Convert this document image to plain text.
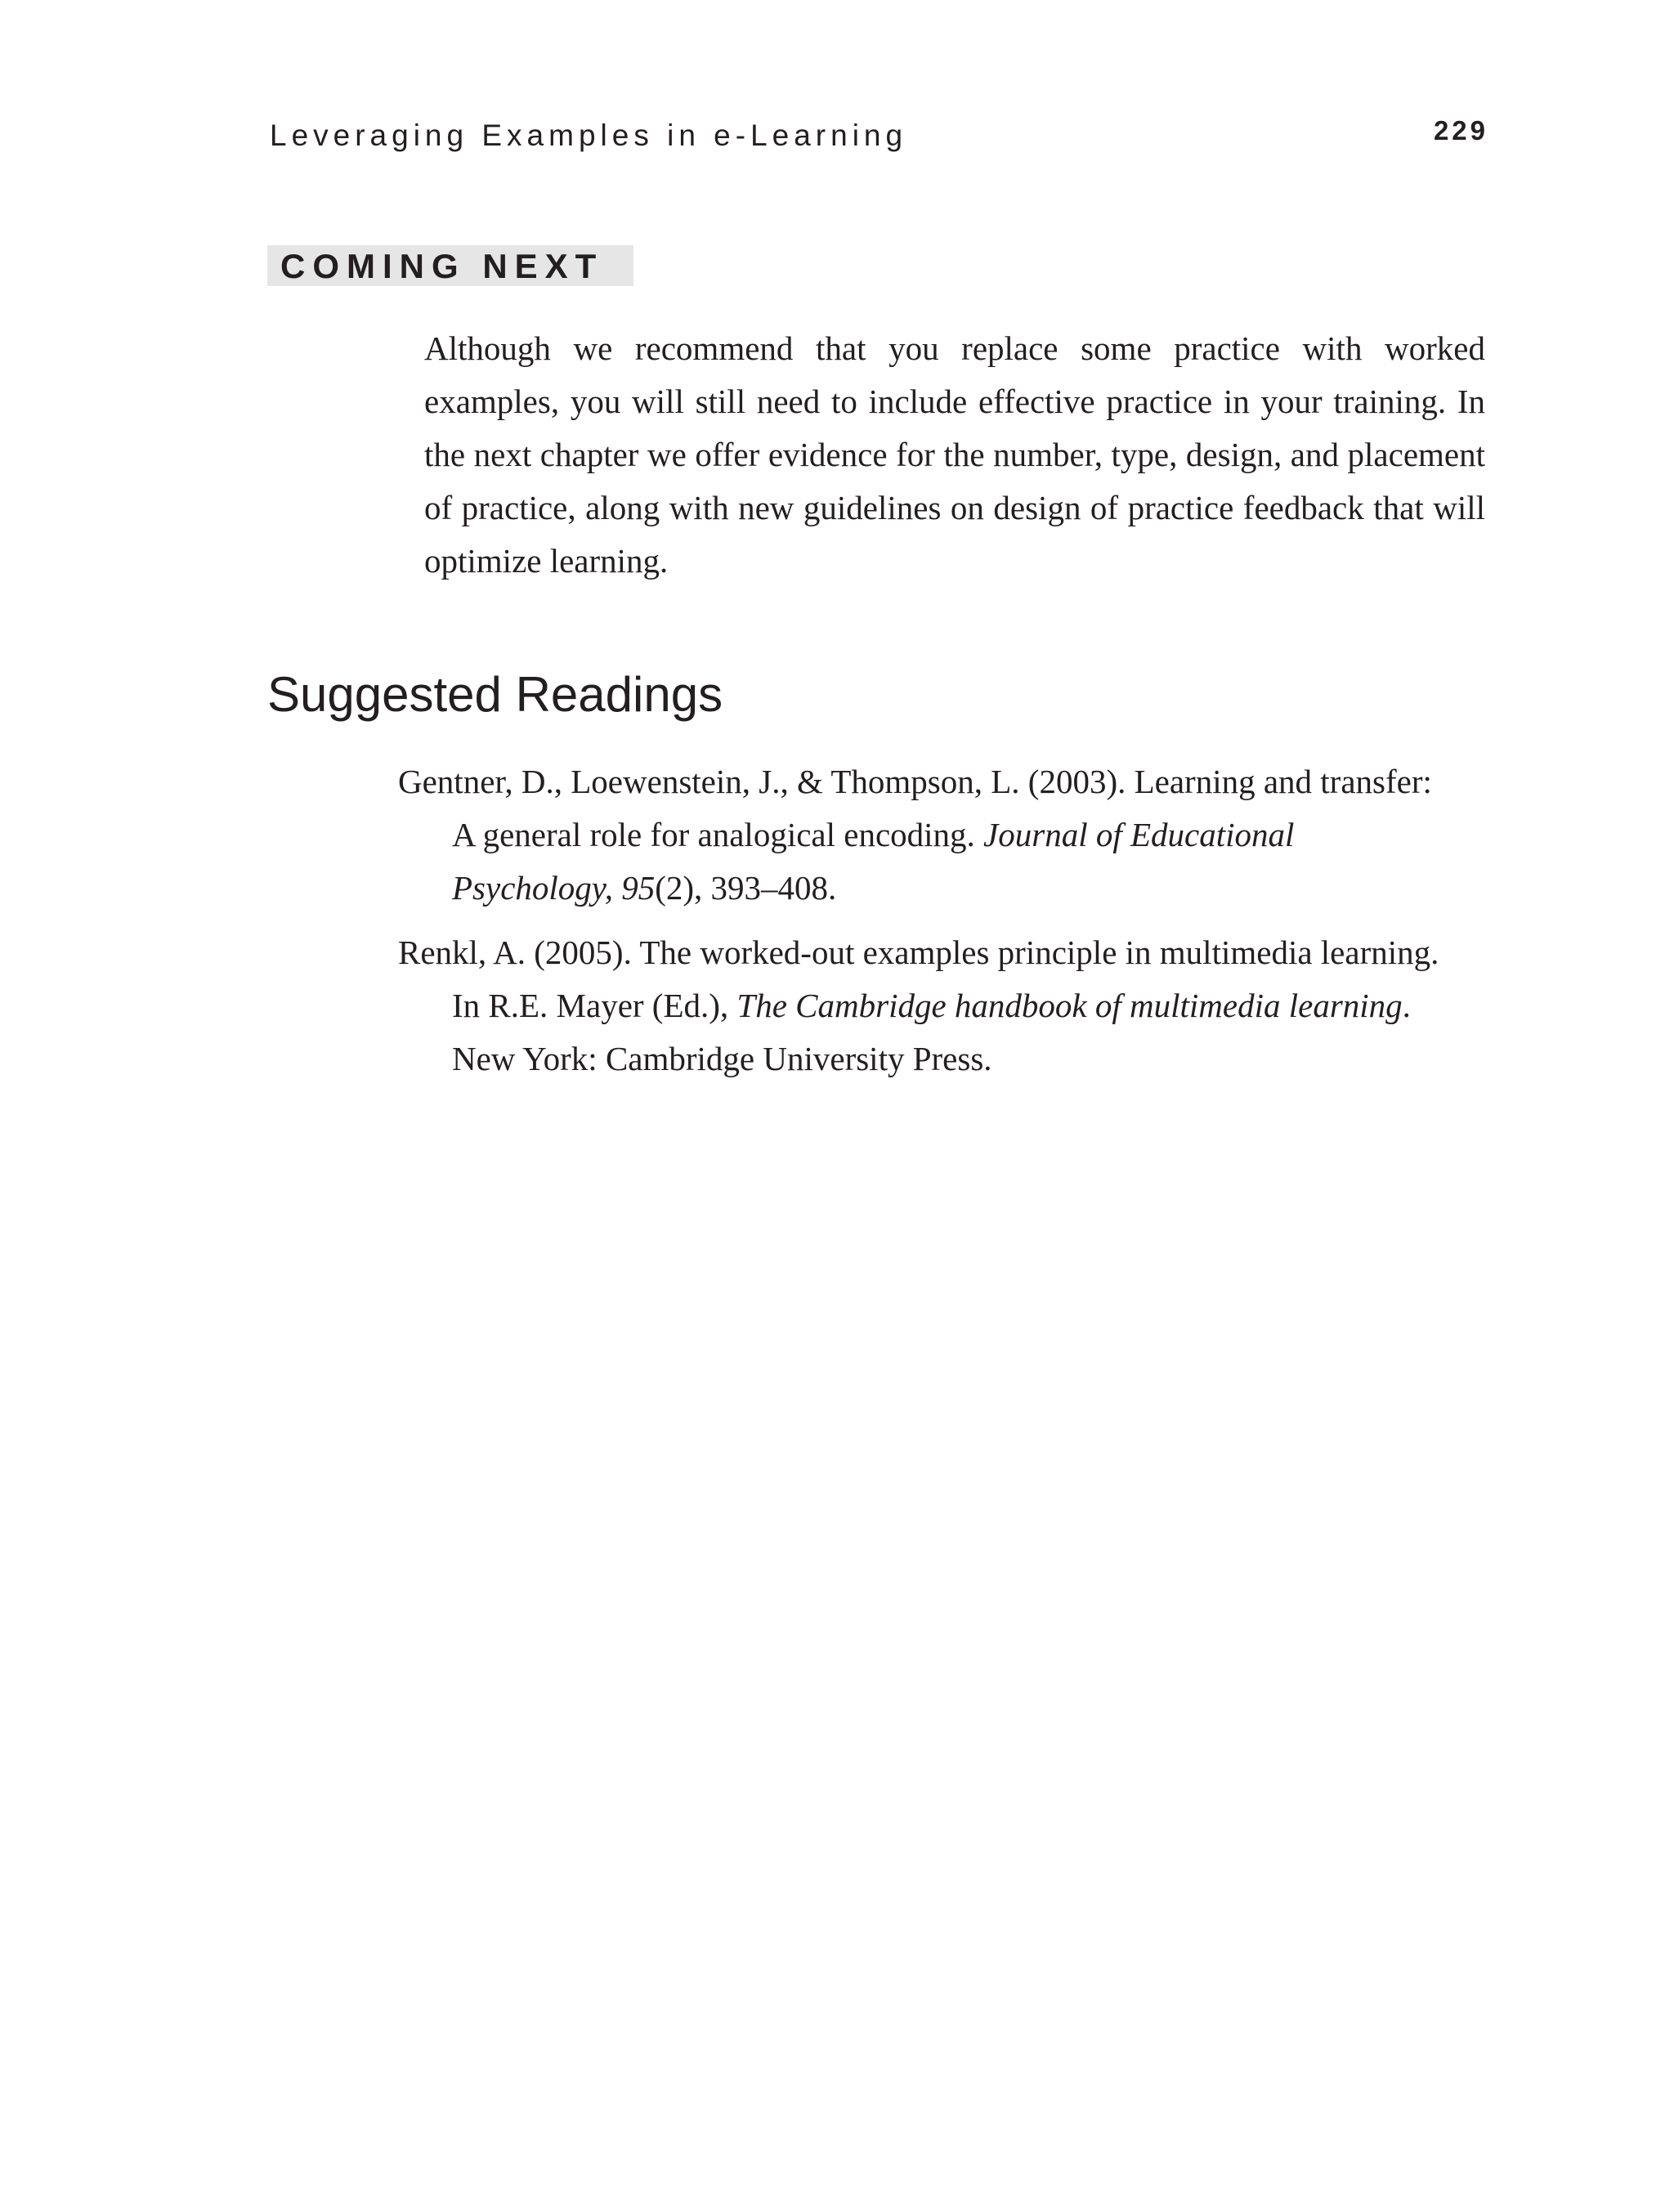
Leveraging Examples in e-Learning	229
COMING NEXT

Although we recommend that you replace some practice with worked examples, you will still need to include effective practice in your training. In the next chapter we offer evidence for the number, type, design, and placement of practice, along with new guidelines on design of practice feedback that will optimize learning.

Suggested Readings
Gentner, D., Loewenstein, J., & Thompson, L. (2003). Learning and transfer: A general role for analogical encoding. Journal of Educational Psychology, 95(2), 393–408.
Renkl, A. (2005). The worked-out examples principle in multimedia learning. In R.E. Mayer (Ed.), The Cambridge handbook of multimedia learning. New York: Cambridge University Press.
